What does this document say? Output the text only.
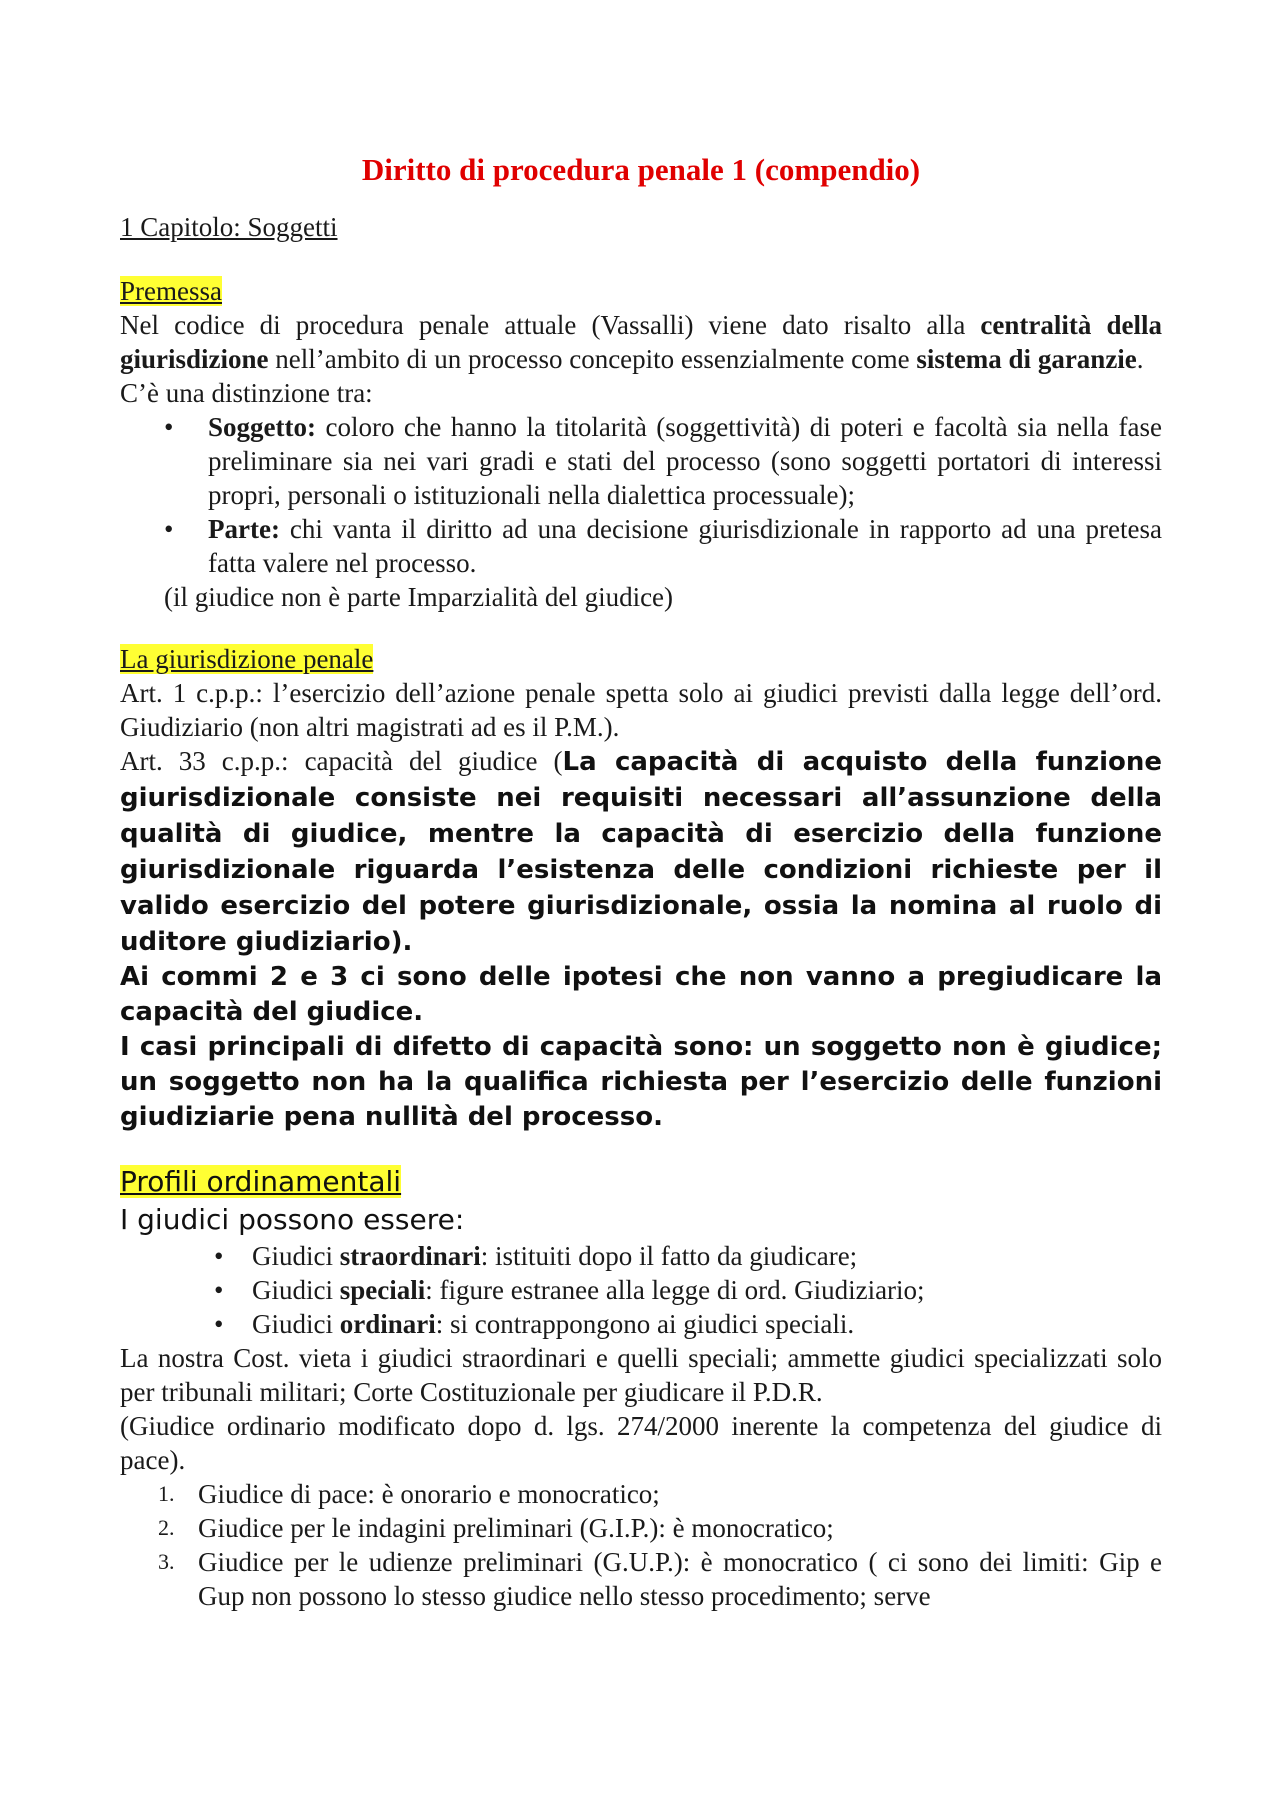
Diritto di procedura penale 1 (compendio)

1 Capitolo: Soggetti

Premessa

Nel codice di procedura penale attuale (Vassalli) viene dato risalto alla centralità della giurisdizione nell’ambito di un processo concepito essenzialmente come sistema di garanzie.

C’è una distinzione tra:

• Soggetto: coloro che hanno la titolarità (soggettività) di poteri e facoltà sia nella fase preliminare sia nei vari gradi e stati del processo (sono soggetti portatori di interessi propri, personali o istituzionali nella dialettica processuale);
• Parte: chi vanta il diritto ad una decisione giurisdizionale in rapporto ad una pretesa fatta valere nel processo.

(il giudice non è parte Imparzialità del giudice)

La giurisdizione penale

Art. 1 c.p.p.: l’esercizio dell’azione penale spetta solo ai giudici previsti dalla legge dell’ord. Giudiziario (non altri magistrati ad es il P.M.).

Art. 33 c.p.p.: capacità del giudice (La capacità di acquisto della funzione giurisdizionale consiste nei requisiti necessari all’assunzione della qualità di giudice, mentre la capacità di esercizio della funzione giurisdizionale riguarda l’esistenza delle condizioni richieste per il valido esercizio del potere giurisdizionale, ossia la nomina al ruolo di uditore giudiziario).

Ai commi 2 e 3 ci sono delle ipotesi che non vanno a pregiudicare la capacità del giudice.

I casi principali di difetto di capacità sono: un soggetto non è giudice; un soggetto non ha la qualifica richiesta per l’esercizio delle funzioni giudiziarie pena nullità del processo.

Profili ordinamentali

I giudici possono essere:

• Giudici straordinari: istituiti dopo il fatto da giudicare;
• Giudici speciali: figure estranee alla legge di ord. Giudiziario;
• Giudici ordinari: si contrappongono ai giudici speciali.

La nostra Cost. vieta i giudici straordinari e quelli speciali; ammette giudici specializzati solo per tribunali militari; Corte Costituzionale per giudicare il P.D.R.

(Giudice ordinario modificato dopo d. lgs. 274/2000 inerente la competenza del giudice di pace).

1. Giudice di pace: è onorario e monocratico;
2. Giudice per le indagini preliminari (G.I.P.): è monocratico;
3. Giudice per le udienze preliminari (G.U.P.): è monocratico ( ci sono dei limiti: Gip e Gup non possono lo stesso giudice nello stesso procedimento; serve
